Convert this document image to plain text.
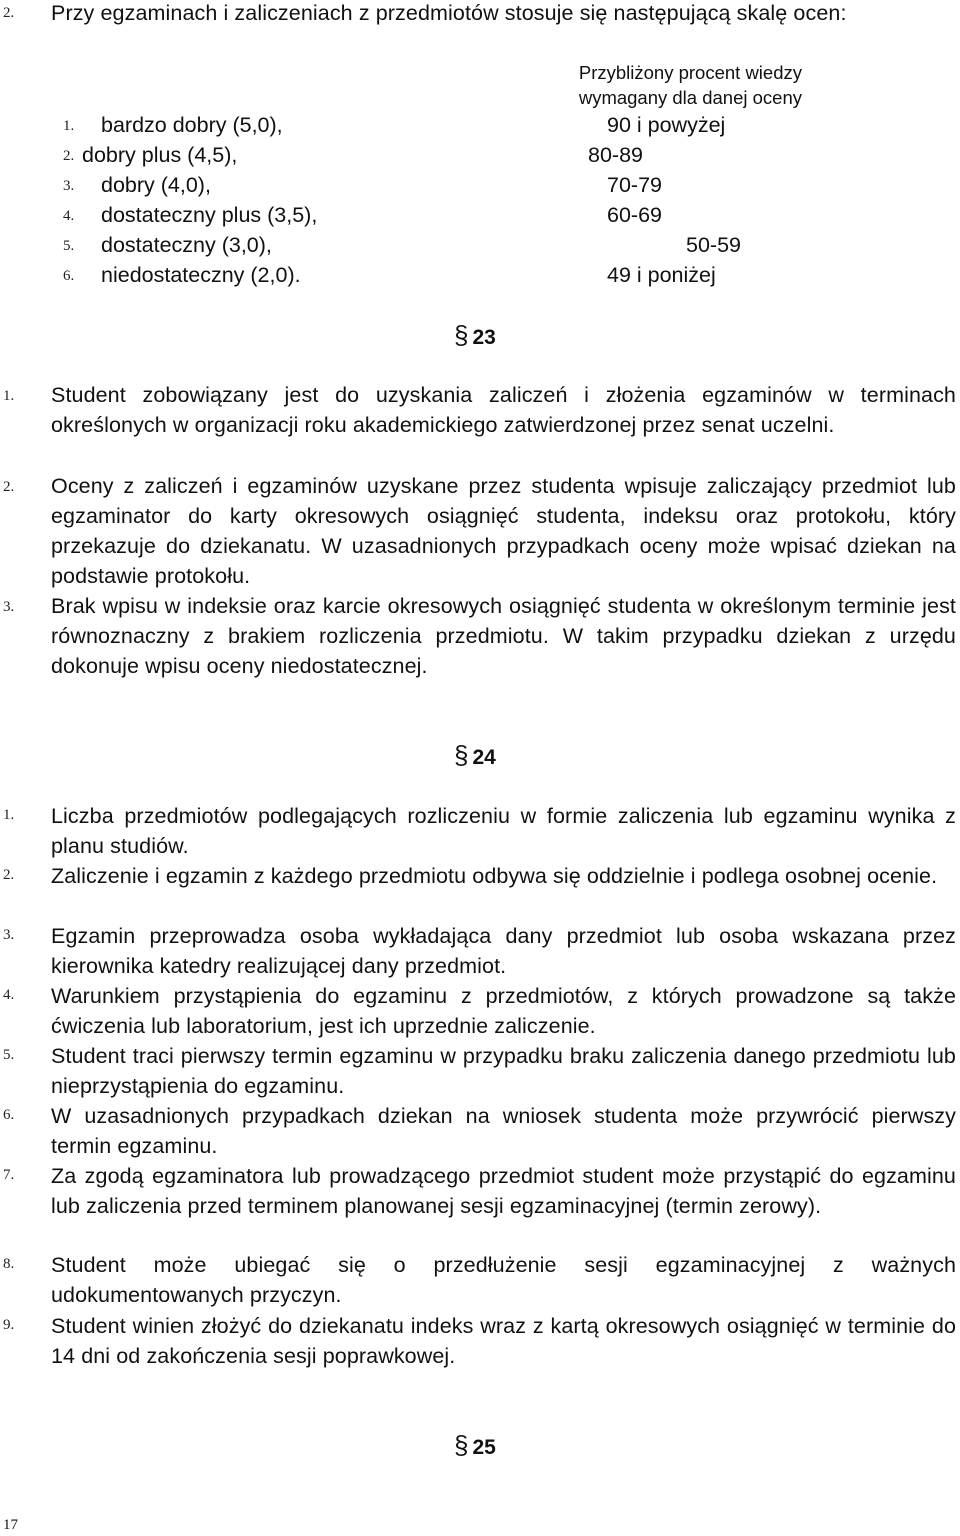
2. Przy egzaminach i zaliczeniach z przedmiotów stosuje się następującą skalę ocen:
Przybliżony procent wiedzy
wymagany dla danej oceny
1. bardzo dobry (5,0),	90 i powyżej
2. dobry plus (4,5),	80-89
3. dobry (4,0),	70-79
4. dostateczny plus (3,5),	60-69
5. dostateczny (3,0),	50-59
6. niedostateczny (2,0).	49 i poniżej
§ 23
1. Student zobowiązany jest do uzyskania zaliczeń i złożenia egzaminów w terminach określonych w organizacji roku akademickiego zatwierdzonej przez senat uczelni.
2. Oceny z zaliczeń i egzaminów uzyskane przez studenta wpisuje zaliczający przedmiot lub egzaminator do karty okresowych osiągnięć studenta, indeksu oraz protokołu, który przekazuje do dziekanatu. W uzasadnionych przypadkach oceny może wpisać dziekan na podstawie protokołu.
3. Brak wpisu w indeksie oraz karcie okresowych osiągnięć studenta w określonym terminie jest równoznaczny z brakiem rozliczenia przedmiotu. W takim przypadku dziekan z urzędu dokonuje wpisu oceny niedostatecznej.
§ 24
1. Liczba przedmiotów podlegających rozliczeniu w formie zaliczenia lub egzaminu wynika z planu studiów.
2. Zaliczenie i egzamin z każdego przedmiotu odbywa się oddzielnie i podlega osobnej ocenie.
3. Egzamin przeprowadza osoba wykładająca dany przedmiot lub osoba wskazana przez kierownika katedry realizującej dany przedmiot.
4. Warunkiem przystąpienia do egzaminu z przedmiotów, z których prowadzone są także ćwiczenia lub laboratorium, jest ich uprzednie zaliczenie.
5. Student traci pierwszy termin egzaminu w przypadku braku zaliczenia danego przedmiotu lub nieprzystąpienia do egzaminu.
6. W uzasadnionych przypadkach dziekan na wniosek studenta może przywrócić pierwszy termin egzaminu.
7. Za zgodą egzaminatora lub prowadzącego przedmiot student może przystąpić do egzaminu lub zaliczenia przed terminem planowanej sesji egzaminacyjnej (termin zerowy).
8. Student może ubiegać się o przedłużenie sesji egzaminacyjnej z ważnych udokumentowanych przyczyn.
9. Student winien złożyć do dziekanatu indeks wraz z kartą okresowych osiągnięć w terminie do 14 dni od zakończenia sesji poprawkowej.
§ 25
17
